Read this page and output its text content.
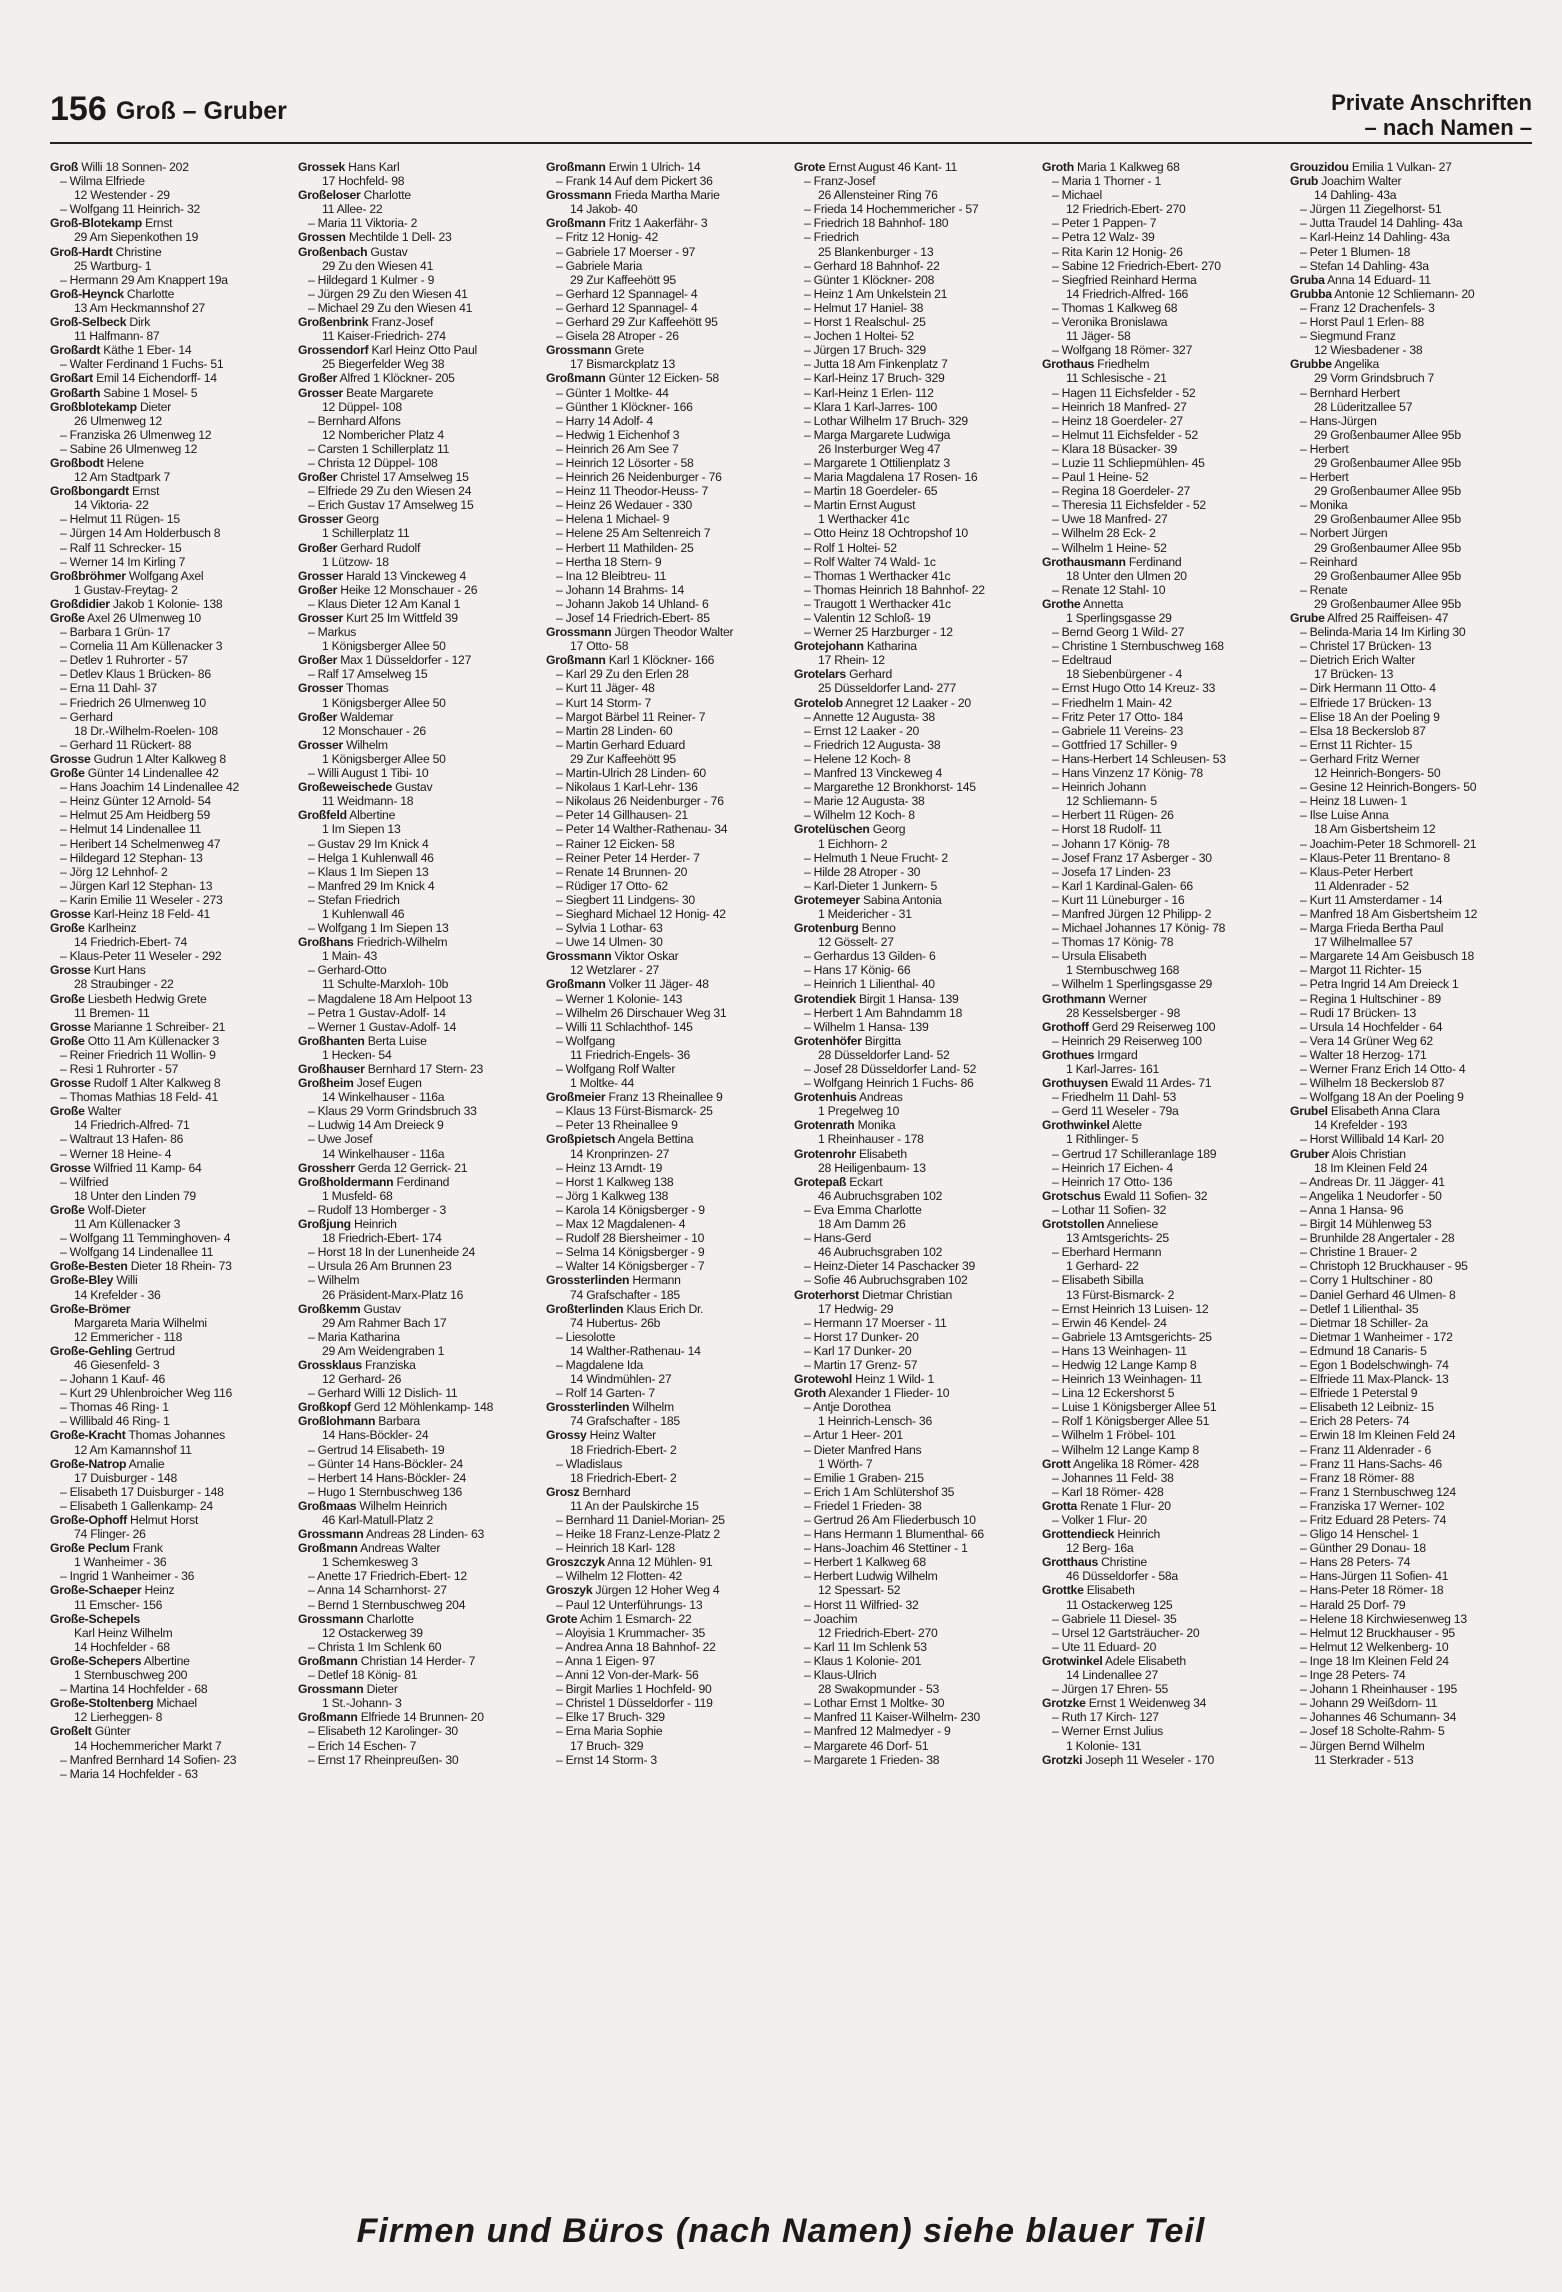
156 Groß – Gruber	Private Anschriften
– nach Namen –
Groß Willi 18 Sonnen- 202
– Wilma Elfriede
12 Westender - 29
– Wolfgang 11 Heinrich- 32
Groß-Blotekamp Ernst
29 Am Siepenkothen 19
Groß-Hardt Christine
25 Wartburg- 1
– Hermann 29 Am Knappert 19a
Groß-Heynck Charlotte
13 Am Heckmannshof 27
Groß-Selbeck Dirk
11 Halfmann- 87
Großardt Käthe 1 Eber- 14
– Walter Ferdinand 1 Fuchs- 51
Großart Emil 14 Eichendorff- 14
Großarth Sabine 1 Mosel- 5
Großblotekamp Dieter
26 Ulmenweg 12
– Franziska 26 Ulmenweg 12
– Sabine 26 Ulmenweg 12
Großbodt Helene
12 Am Stadtpark 7
Großbongardt Ernst
14 Viktoria- 22
– Helmut 11 Rügen- 15
– Jürgen 14 Am Holderbusch 8
– Ralf 11 Schrecker- 15
– Werner 14 Im Kirling 7
Großbröhmer Wolfgang Axel
1 Gustav-Freytag- 2
Großdidier Jakob 1 Kolonie- 138
Große Axel 26 Ulmenweg 10
– Barbara 1 Grün- 17
– Cornelia 11 Am Küllenacker 3
– Detlev 1 Ruhrorter - 57
– Detlev Klaus 1 Brücken- 86
– Erna 11 Dahl- 37
– Friedrich 26 Ulmenweg 10
– Gerhard
18 Dr.-Wilhelm-Roelen- 108
– Gerhard 11 Rückert- 88
Grosse Gudrun 1 Alter Kalkweg 8
Große Günter 14 Lindenallee 42
– Hans Joachim 14 Lindenallee 42
– Heinz Günter 12 Arnold- 54
– Helmut 25 Am Heidberg 59
– Helmut 14 Lindenallee 11
– Heribert 14 Schelmenweg 47
– Hildegard 12 Stephan- 13
– Jörg 12 Lehnhof- 2
– Jürgen Karl 12 Stephan- 13
– Karin Emilie 11 Weseler - 273
Grosse Karl-Heinz 18 Feld- 41
Große Karlheinz
14 Friedrich-Ebert- 74
– Klaus-Peter 11 Weseler - 292
Grosse Kurt Hans
28 Straubinger - 22
Große Liesbeth Hedwig Grete
11 Bremen- 11
Grosse Marianne 1 Schreiber- 21
Große Otto 11 Am Küllenacker 3
– Reiner Friedrich 11 Wollin- 9
– Resi 1 Ruhrorter - 57
Grosse Rudolf 1 Alter Kalkweg 8
– Thomas Mathias 18 Feld- 41
Große Walter
14 Friedrich-Alfred- 71
– Waltraut 13 Hafen- 86
– Werner 18 Heine- 4
Grosse Wilfried 11 Kamp- 64
– Wilfried
18 Unter den Linden 79
Große Wolf-Dieter
11 Am Küllenacker 3
– Wolfgang 11 Temminghoven- 4
– Wolfgang 14 Lindenallee 11
Große-Besten Dieter 18 Rhein- 73
Große-Bley Willi
14 Krefelder - 36
Große-Brömer
Margareta Maria Wilhelmi
12 Emmericher - 118
Große-Gehling Gertrud
46 Giesenfeld- 3
– Johann 1 Kauf- 46
– Kurt 29 Uhlenbroicher Weg 116
– Thomas 46 Ring- 1
– Willibald 46 Ring- 1
Große-Kracht Thomas Johannes
12 Am Kamannshof 11
Große-Natrop Amalie
17 Duisburger - 148
– Elisabeth 17 Duisburger - 148
– Elisabeth 1 Gallenkamp- 24
Große-Ophoff Helmut Horst
74 Flinger- 26
Große Peclum Frank
1 Wanheimer - 36
– Ingrid 1 Wanheimer - 36
Große-Schaeper Heinz
11 Emscher- 156
Große-Schepels
Karl Heinz Wilhelm
14 Hochfelder - 68
Große-Schepers Albertine
1 Sternbuschweg 200
– Martina 14 Hochfelder - 68
Große-Stoltenberg Michael
12 Lierheggen- 8
Großelt Günter
14 Hochemmericher Markt 7
– Manfred Bernhard 14 Sofien- 23
– Maria 14 Hochfelder - 63
Grossek Hans Karl
17 Hochfeld- 98
Großeloser Charlotte
11 Allee- 22
– Maria 11 Viktoria- 2
Grossen Mechtilde 1 Dell- 23
Großenbach Gustav
29 Zu den Wiesen 41
– Hildegard 1 Kulmer - 9
– Jürgen 29 Zu den Wiesen 41
– Michael 29 Zu den Wiesen 41
Großenbrink Franz-Josef
11 Kaiser-Friedrich- 274
Grossendorf Karl Heinz Otto Paul
25 Biegerfelder Weg 38
Großer Alfred 1 Klöckner- 205
Grosser Beate Margarete
12 Düppel- 108
– Bernhard Alfons
12 Nombericher Platz 4
– Carsten 1 Schillerplatz 11
– Christa 12 Düppel- 108
Großer Christel 17 Amselweg 15
– Elfriede 29 Zu den Wiesen 24
– Erich Gustav 17 Amselweg 15
Grosser Georg
1 Schillerplatz 11
Großer Gerhard Rudolf
1 Lützow- 18
Grosser Harald 13 Vinckeweg 4
Großer Heike 12 Monschauer - 26
– Klaus Dieter 12 Am Kanal 1
Grosser Kurt 25 Im Wittfeld 39
– Markus
1 Königsberger Allee 50
Großer Max 1 Düsseldorfer - 127
– Ralf 17 Amselweg 15
Grosser Thomas
1 Königsberger Allee 50
Großer Waldemar
12 Monschauer - 26
Grosser Wilhelm
1 Königsberger Allee 50
– Willi August 1 Tibi- 10
Großeweischede Gustav
11 Weidmann- 18
Großfeld Albertine
1 Im Siepen 13
– Gustav 29 Im Knick 4
– Helga 1 Kuhlenwall 46
– Klaus 1 Im Siepen 13
– Manfred 29 Im Knick 4
– Stefan Friedrich
1 Kuhlenwall 46
– Wolfgang 1 Im Siepen 13
Großhans Friedrich-Wilhelm
1 Main- 43
– Gerhard-Otto
11 Schulte-Marxloh- 10b
– Magdalene 18 Am Helpoot 13
– Petra 1 Gustav-Adolf- 14
– Werner 1 Gustav-Adolf- 14
Großhanten Berta Luise
1 Hecken- 54
Großhauser Bernhard 17 Stern- 23
Großheim Josef Eugen
14 Winkelhauser - 116a
– Klaus 29 Vorm Grindsbruch 33
– Ludwig 14 Am Dreieck 9
– Uwe Josef
14 Winkelhauser - 116a
Grossherr Gerda 12 Gerrick- 21
Großholdermann Ferdinand
1 Musfeld- 68
– Rudolf 13 Homberger - 3
Großjung Heinrich
18 Friedrich-Ebert- 174
– Horst 18 In der Lunenheide 24
– Ursula 26 Am Brunnen 23
– Wilhelm
26 Präsident-Marx-Platz 16
Großkemm Gustav
29 Am Rahmer Bach 17
– Maria Katharina
29 Am Weidengraben 1
Grossklaus Franziska
12 Gerhard- 26
– Gerhard Willi 12 Dislich- 11
Großkopf Gerd 12 Möhlenkamp- 148
Großlohmann Barbara
14 Hans-Böckler- 24
– Gertrud 14 Elisabeth- 19
– Günter 14 Hans-Böckler- 24
– Herbert 14 Hans-Böckler- 24
– Hugo 1 Sternbuschweg 136
Großmaas Wilhelm Heinrich
46 Karl-Matull-Platz 2
Grossmann Andreas 28 Linden- 63
Großmann Andreas Walter
1 Schemkesweg 3
– Anette 17 Friedrich-Ebert- 12
– Anna 14 Scharnhorst- 27
– Bernd 1 Sternbuschweg 204
Grossmann Charlotte
12 Ostackerweg 39
– Christa 1 Im Schlenk 60
Großmann Christian 14 Herder- 7
– Detlef 18 König- 81
Grossmann Dieter
1 St.-Johann- 3
Großmann Elfriede 14 Brunnen- 20
– Elisabeth 12 Karolinger- 30
– Erich 14 Eschen- 7
– Ernst 17 Rheinpreußen- 30
Großmann Erwin 1 Ulrich- 14
– Frank 14 Auf dem Pickert 36
Grossmann Frieda Martha Marie
14 Jakob- 40
Großmann Fritz 1 Aakerfähr- 3
– Fritz 12 Honig- 42
– Gabriele 17 Moerser - 97
– Gabriele Maria
29 Zur Kaffeehött 95
– Gerhard 12 Spannagel- 4
– Gerhard 12 Spannagel- 4
– Gerhard 29 Zur Kaffeehött 95
– Gisela 28 Atroper - 26
Grossmann Grete
17 Bismarckplatz 13
Großmann Günter 12 Eicken- 58
– Günter 1 Moltke- 44
– Günther 1 Klöckner- 166
– Harry 14 Adolf- 4
– Hedwig 1 Eichenhof 3
– Heinrich 26 Am See 7
– Heinrich 12 Lösorter - 58
– Heinrich 26 Neidenburger - 76
– Heinz 11 Theodor-Heuss- 7
– Heinz 26 Wedauer - 330
– Helena 1 Michael- 9
– Helene 25 Am Seltenreich 7
– Herbert 11 Mathilden- 25
– Hertha 18 Stern- 9
– Ina 12 Bleibtreu- 11
– Johann 14 Brahms- 14
– Johann Jakob 14 Uhland- 6
– Josef 14 Friedrich-Ebert- 85
Grossmann Jürgen Theodor Walter
17 Otto- 58
Großmann Karl 1 Klöckner- 166
– Karl 29 Zu den Erlen 28
– Kurt 11 Jäger- 48
– Kurt 14 Storm- 7
– Margot Bärbel 11 Reiner- 7
– Martin 28 Linden- 60
– Martin Gerhard Eduard
29 Zur Kaffeehött 95
– Martin-Ulrich 28 Linden- 60
– Nikolaus 1 Karl-Lehr- 136
– Nikolaus 26 Neidenburger - 76
– Peter 14 Gillhausen- 21
– Peter 14 Walther-Rathenau- 34
– Rainer 12 Eicken- 58
– Reiner Peter 14 Herder- 7
– Renate 14 Brunnen- 20
– Rüdiger 17 Otto- 62
– Siegbert 11 Lindgens- 30
– Sieghard Michael 12 Honig- 42
– Sylvia 1 Lothar- 63
– Uwe 14 Ulmen- 30
Grossmann Viktor Oskar
12 Wetzlarer - 27
Großmann Volker 11 Jäger- 48
– Werner 1 Kolonie- 143
– Wilhelm 26 Dirschauer Weg 31
– Willi 11 Schlachthof- 145
– Wolfgang
11 Friedrich-Engels- 36
– Wolfgang Rolf Walter
1 Moltke- 44
Großmeier Franz 13 Rheinallee 9
– Klaus 13 Fürst-Bismarck- 25
– Peter 13 Rheinallee 9
Großpietsch Angela Bettina
14 Kronprinzen- 27
– Heinz 13 Arndt- 19
– Horst 1 Kalkweg 138
– Jörg 1 Kalkweg 138
– Karola 14 Königsberger - 9
– Max 12 Magdalenen- 4
– Rudolf 28 Biersheimer - 10
– Selma 14 Königsberger - 9
– Walter 14 Königsberger - 7
Grossterlinden Hermann
74 Grafschafter - 185
Großterlinden Klaus Erich Dr.
74 Hubertus- 26b
– Liesolotte
14 Walther-Rathenau- 14
– Magdalene Ida
14 Windmühlen- 27
– Rolf 14 Garten- 7
Grossterlinden Wilhelm
74 Grafschafter - 185
Grossy Heinz Walter
18 Friedrich-Ebert- 2
– Wladislaus
18 Friedrich-Ebert- 2
Grosz Bernhard
11 An der Paulskirche 15
– Bernhard 11 Daniel-Morian- 25
– Heike 18 Franz-Lenze-Platz 2
– Heinrich 18 Karl- 128
Groszczyk Anna 12 Mühlen- 91
– Wilhelm 12 Flotten- 42
Groszyk Jürgen 12 Hoher Weg 4
– Paul 12 Unterführungs- 13
Grote Achim 1 Esmarch- 22
– Aloyisia 1 Krummacher- 35
– Andrea Anna 18 Bahnhof- 22
– Anna 1 Eigen- 97
– Anni 12 Von-der-Mark- 56
– Birgit Marlies 1 Hochfeld- 90
– Christel 1 Düsseldorfer - 119
– Elke 17 Bruch- 329
– Erna Maria Sophie
17 Bruch- 329
– Ernst 14 Storm- 3
Grote Ernst August 46 Kant- 11
– Franz-Josef
26 Allensteiner Ring 76
– Frieda 14 Hochemmericher - 57
– Friedrich 18 Bahnhof- 180
– Friedrich
25 Blankenburger - 13
– Gerhard 18 Bahnhof- 22
– Günter 1 Klöckner- 208
– Heinz 1 Am Unkelstein 21
– Helmut 17 Haniel- 38
– Horst 1 Realschul- 25
– Jochen 1 Holtei- 52
– Jürgen 17 Bruch- 329
– Jutta 18 Am Finkenplatz 7
– Karl-Heinz 17 Bruch- 329
– Karl-Heinz 1 Erlen- 112
– Klara 1 Karl-Jarres- 100
– Lothar Wilhelm 17 Bruch- 329
– Marga Margarete Ludwiga
26 Insterburger Weg 47
– Margarete 1 Ottilienplatz 3
– Maria Magdalena 17 Rosen- 16
– Martin 18 Goerdeler- 65
– Martin Ernst August
1 Werthacker 41c
– Otto Heinz 18 Ochtropshof 10
– Rolf 1 Holtei- 52
– Rolf Walter 74 Wald- 1c
– Thomas 1 Werthacker 41c
– Thomas Heinrich 18 Bahnhof- 22
– Traugott 1 Werthacker 41c
– Valentin 12 Schloß- 19
– Werner 25 Harzburger - 12
Grotejohann Katharina
17 Rhein- 12
Grotelars Gerhard
25 Düsseldorfer Land- 277
Grotelob Annegret 12 Laaker - 20
– Annette 12 Augusta- 38
– Ernst 12 Laaker - 20
– Friedrich 12 Augusta- 38
– Helene 12 Koch- 8
– Manfred 13 Vinckeweg 4
– Margarethe 12 Bronkhorst- 145
– Marie 12 Augusta- 38
– Wilhelm 12 Koch- 8
Grotelüschen Georg
1 Eichhorn- 2
– Helmuth 1 Neue Frucht- 2
– Hilde 28 Atroper - 30
– Karl-Dieter 1 Junkern- 5
Grotemeyer Sabina Antonia
1 Meidericher - 31
Grotenburg Benno
12 Gösselt- 27
– Gerhardus 13 Gilden- 6
– Hans 17 König- 66
– Heinrich 1 Lilienthal- 40
Grotendiek Birgit 1 Hansa- 139
– Herbert 1 Am Bahndamm 18
– Wilhelm 1 Hansa- 139
Grotenhöfer Birgitta
28 Düsseldorfer Land- 52
– Josef 28 Düsseldorfer Land- 52
– Wolfgang Heinrich 1 Fuchs- 86
Grotenhuis Andreas
1 Pregelweg 10
Grotenrath Monika
1 Rheinhauser - 178
Grotenrohr Elisabeth
28 Heiligenbaum- 13
Grotepaß Eckart
46 Aubruchsgraben 102
– Eva Emma Charlotte
18 Am Damm 26
– Hans-Gerd
46 Aubruchsgraben 102
– Heinz-Dieter 14 Paschacker 39
– Sofie 46 Aubruchsgraben 102
Groterhorst Dietmar Christian
17 Hedwig- 29
– Hermann 17 Moerser - 11
– Horst 17 Dunker- 20
– Karl 17 Dunker- 20
– Martin 17 Grenz- 57
Grotewohl Heinz 1 Wild- 1
Groth Alexander 1 Flieder- 10
– Antje Dorothea
1 Heinrich-Lensch- 36
– Artur 1 Heer- 201
– Dieter Manfred Hans
1 Wörth- 7
– Emilie 1 Graben- 215
– Erich 1 Am Schlütershof 35
– Friedel 1 Frieden- 38
– Gertrud 26 Am Fliederbusch 10
– Hans Hermann 1 Blumenthal- 66
– Hans-Joachim 46 Stettiner - 1
– Herbert 1 Kalkweg 68
– Herbert Ludwig Wilhelm
12 Spessart- 52
– Horst 11 Wilfried- 32
– Joachim
12 Friedrich-Ebert- 270
– Karl 11 Im Schlenk 53
– Klaus 1 Kolonie- 201
– Klaus-Ulrich
28 Swakopmunder - 53
– Lothar Ernst 1 Moltke- 30
– Manfred 11 Kaiser-Wilhelm- 230
– Manfred 12 Malmedyer - 9
– Margarete 46 Dorf- 51
– Margarete 1 Frieden- 38
Groth Maria 1 Kalkweg 68
– Maria 1 Thorner - 1
– Michael
12 Friedrich-Ebert- 270
– Peter 1 Pappen- 7
– Petra 12 Walz- 39
– Rita Karin 12 Honig- 26
– Sabine 12 Friedrich-Ebert- 270
– Siegfried Reinhard Herma
14 Friedrich-Alfred- 166
– Thomas 1 Kalkweg 68
– Veronika Bronislawa
11 Jäger- 58
– Wolfgang 18 Römer- 327
Grothaus Friedhelm
11 Schlesische - 21
– Hagen 11 Eichsfelder - 52
– Heinrich 18 Manfred- 27
– Heinz 18 Goerdeler- 27
– Helmut 11 Eichsfelder - 52
– Klara 18 Büsacker- 39
– Luzie 11 Schliepmühlen- 45
– Paul 1 Heine- 52
– Regina 18 Goerdeler- 27
– Theresia 11 Eichsfelder - 52
– Uwe 18 Manfred- 27
– Wilhelm 28 Eck- 2
– Wilhelm 1 Heine- 52
Grothausmann Ferdinand
18 Unter den Ulmen 20
– Renate 12 Stahl- 10
Grothe Annetta
1 Sperlingsgasse 29
– Bernd Georg 1 Wild- 27
– Christine 1 Sternbuschweg 168
– Edeltraud
18 Siebenbürgener - 4
– Ernst Hugo Otto 14 Kreuz- 33
– Friedhelm 1 Main- 42
– Fritz Peter 17 Otto- 184
– Gabriele 11 Vereins- 23
– Gottfried 17 Schiller- 9
– Hans-Herbert 14 Schleusen- 53
– Hans Vinzenz 17 König- 78
– Heinrich Johann
12 Schliemann- 5
– Herbert 11 Rügen- 26
– Horst 18 Rudolf- 11
– Johann 17 König- 78
– Josef Franz 17 Asberger - 30
– Josefa 17 Linden- 23
– Karl 1 Kardinal-Galen- 66
– Kurt 11 Lüneburger - 16
– Manfred Jürgen 12 Philipp- 2
– Michael Johannes 17 König- 78
– Thomas 17 König- 78
– Ursula Elisabeth
1 Sternbuschweg 168
– Wilhelm 1 Sperlingsgasse 29
Grothmann Werner
28 Kesselsberger - 98
Grothoff Gerd 29 Reiserweg 100
– Heinrich 29 Reiserweg 100
Grothues Irmgard
1 Karl-Jarres- 161
Grothuysen Ewald 11 Ardes- 71
– Friedhelm 11 Dahl- 53
– Gerd 11 Weseler - 79a
Grothwinkel Alette
1 Rithlinger- 5
– Gertrud 17 Schilleranlage 189
– Heinrich 17 Eichen- 4
– Heinrich 17 Otto- 136
Grotschus Ewald 11 Sofien- 32
– Lothar 11 Sofien- 32
Grotstollen Anneliese
13 Amtsgerichts- 25
– Eberhard Hermann
1 Gerhard- 22
– Elisabeth Sibilla
13 Fürst-Bismarck- 2
– Ernst Heinrich 13 Luisen- 12
– Erwin 46 Kendel- 24
– Gabriele 13 Amtsgerichts- 25
– Hans 13 Weinhagen- 11
– Hedwig 12 Lange Kamp 8
– Heinrich 13 Weinhagen- 11
– Lina 12 Eckershorst 5
– Luise 1 Königsberger Allee 51
– Rolf 1 Königsberger Allee 51
– Wilhelm 1 Fröbel- 101
– Wilhelm 12 Lange Kamp 8
Grott Angelika 18 Römer- 428
– Johannes 11 Feld- 38
– Karl 18 Römer- 428
Grotta Renate 1 Flur- 20
– Volker 1 Flur- 20
Grottendieck Heinrich
12 Berg- 16a
Grotthaus Christine
46 Düsseldorfer - 58a
Grottke Elisabeth
11 Ostackerweg 125
– Gabriele 11 Diesel- 35
– Ursel 12 Gartsträucher- 20
– Ute 11 Eduard- 20
Grotwinkel Adele Elisabeth
14 Lindenallee 27
– Jürgen 17 Ehren- 55
Grotzke Ernst 1 Weidenweg 34
– Ruth 17 Kirch- 127
– Werner Ernst Julius
1 Kolonie- 131
Grotzki Joseph 11 Weseler - 170
Grouzidou Emilia 1 Vulkan- 27
Grub Joachim Walter
14 Dahling- 43a
– Jürgen 11 Ziegelhorst- 51
– Jutta Traudel 14 Dahling- 43a
– Karl-Heinz 14 Dahling- 43a
– Peter 1 Blumen- 18
– Stefan 14 Dahling- 43a
Gruba Anna 14 Eduard- 11
Grubba Antonie 12 Schliemann- 20
– Franz 12 Drachenfels- 3
– Horst Paul 1 Erlen- 88
– Siegmund Franz
12 Wiesbadener - 38
Grubbe Angelika
29 Vorm Grindsbruch 7
– Bernhard Herbert
28 Lüderitzallee 57
– Hans-Jürgen
29 Großenbaumer Allee 95b
– Herbert
29 Großenbaumer Allee 95b
– Herbert
29 Großenbaumer Allee 95b
– Monika
29 Großenbaumer Allee 95b
– Norbert Jürgen
29 Großenbaumer Allee 95b
– Reinhard
29 Großenbaumer Allee 95b
– Renate
29 Großenbaumer Allee 95b
Grube Alfred 25 Raiffeisen- 47
– Belinda-Maria 14 Im Kirling 30
– Christel 17 Brücken- 13
– Dietrich Erich Walter
17 Brücken- 13
– Dirk Hermann 11 Otto- 4
– Elfriede 17 Brücken- 13
– Elise 18 An der Poeling 9
– Elsa 18 Beckerslob 87
– Ernst 11 Richter- 15
– Gerhard Fritz Werner
12 Heinrich-Bongers- 50
– Gesine 12 Heinrich-Bongers- 50
– Heinz 18 Luwen- 1
– Ilse Luise Anna
18 Am Gisbertsheim 12
– Joachim-Peter 18 Schmorell- 21
– Klaus-Peter 11 Brentano- 8
– Klaus-Peter Herbert
11 Aldenrader - 52
– Kurt 11 Amsterdamer - 14
– Manfred 18 Am Gisbertsheim 12
– Marga Frieda Bertha Paul
17 Wilhelmallee 57
– Margarete 14 Am Geisbusch 18
– Margot 11 Richter- 15
– Petra Ingrid 14 Am Dreieck 1
– Regina 1 Hultschiner - 89
– Rudi 17 Brücken- 13
– Ursula 14 Hochfelder - 64
– Vera 14 Grüner Weg 62
– Walter 18 Herzog- 171
– Werner Franz Erich 14 Otto- 4
– Wilhelm 18 Beckerslob 87
– Wolfgang 18 An der Poeling 9
Grubel Elisabeth Anna Clara
14 Krefelder - 193
– Horst Willibald 14 Karl- 20
Gruber Alois Christian
18 Im Kleinen Feld 24
– Andreas Dr. 11 Jägger- 41
– Angelika 1 Neudorfer - 50
– Anna 1 Hansa- 96
– Birgit 14 Mühlenweg 53
– Brunhilde 28 Angertaler - 28
– Christine 1 Brauer- 2
– Christoph 12 Bruckhauser - 95
– Corry 1 Hultschiner - 80
– Daniel Gerhard 46 Ulmen- 8
– Detlef 1 Lilienthal- 35
– Dietmar 18 Schiller- 2a
– Dietmar 1 Wanheimer - 172
– Edmund 18 Canaris- 5
– Egon 1 Bodelschwingh- 74
– Elfriede 11 Max-Planck- 13
– Elfriede 1 Peterstal 9
– Elisabeth 12 Leibniz- 15
– Erich 28 Peters- 74
– Erwin 18 Im Kleinen Feld 24
– Franz 11 Aldenrader - 6
– Franz 11 Hans-Sachs- 46
– Franz 18 Römer- 88
– Franz 1 Sternbuschweg 124
– Franziska 17 Werner- 102
– Fritz Eduard 28 Peters- 74
– Gligo 14 Henschel- 1
– Günther 29 Donau- 18
– Hans 28 Peters- 74
– Hans-Jürgen 11 Sofien- 41
– Hans-Peter 18 Römer- 18
– Harald 25 Dorf- 79
– Helene 18 Kirchwiesenweg 13
– Helmut 12 Bruckhauser - 95
– Helmut 12 Welkenberg- 10
– Inge 18 Im Kleinen Feld 24
– Inge 28 Peters- 74
– Johann 1 Rheinhauser - 195
– Johann 29 Weißdorn- 11
– Johannes 46 Schumann- 34
– Josef 18 Scholte-Rahm- 5
– Jürgen Bernd Wilhelm
11 Sterkrader - 513
Firmen und Büros (nach Namen) siehe blauer Teil
